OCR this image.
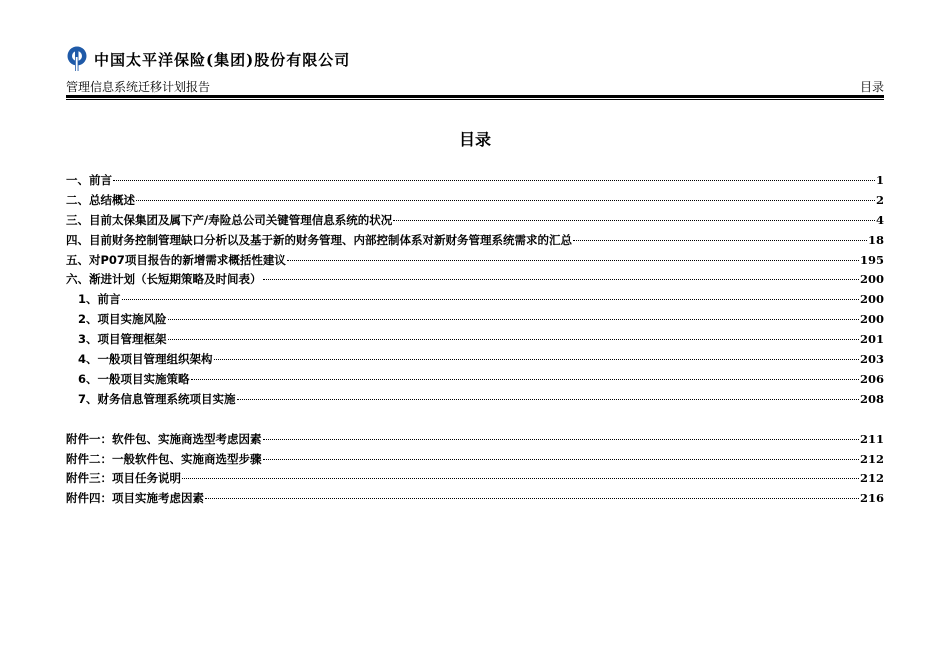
中国太平洋保险(集团)股份有限公司
管理信息系统迁移计划报告	目录
目录
一、前言	1
二、总结概述	2
三、目前太保集团及属下产/寿险总公司关键管理信息系统的状况	4
四、目前财务控制管理缺口分析以及基于新的财务管理、内部控制体系对新财务管理系统需求的汇总	18
五、对P07项目报告的新增需求概括性建议	195
六、渐进计划（长短期策略及时间表）	200
1、前言	200
2、项目实施风险	200
3、项目管理框架	201
4、一般项目管理组织架构	203
6、一般项目实施策略	206
7、财务信息管理系统项目实施	208
附件一：软件包、实施商选型考虑因素	211
附件二：一般软件包、实施商选型步骤	212
附件三：项目任务说明	212
附件四：项目实施考虑因素	216
